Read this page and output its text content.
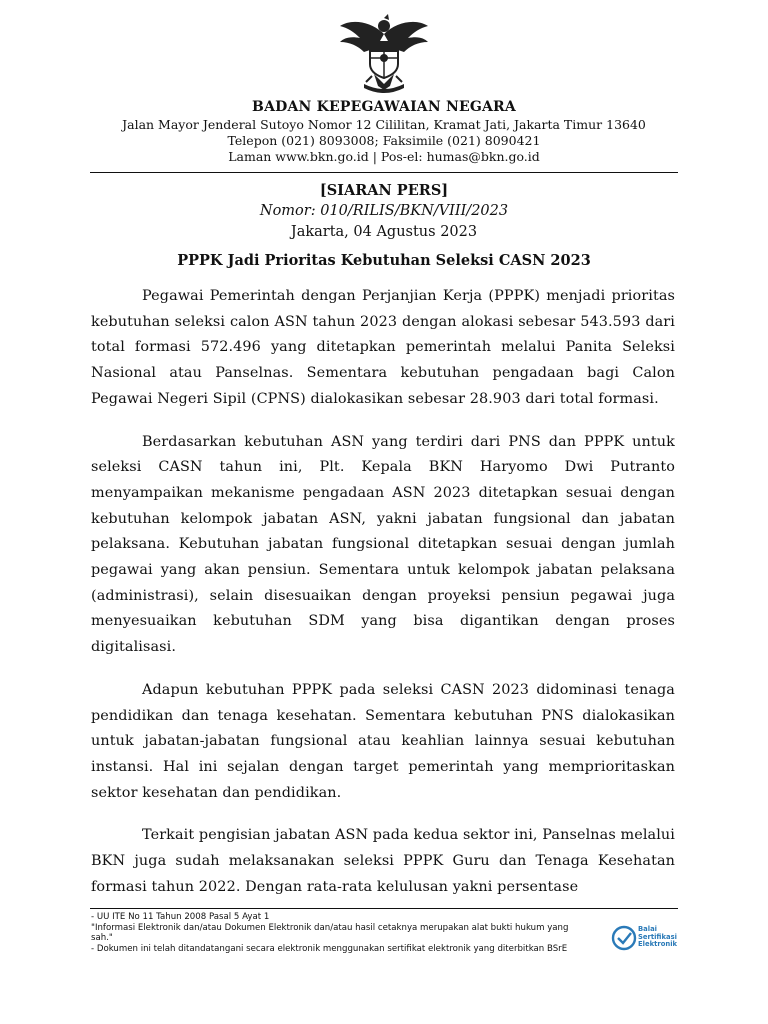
BADAN KEPEGAWAIAN NEGARA
Jalan Mayor Jenderal Sutoyo Nomor 12 Cililitan, Kramat Jati, Jakarta Timur 13640
Telepon (021) 8093008; Faksimile (021) 8090421
Laman www.bkn.go.id | Pos-el: humas@bkn.go.id
[SIARAN PERS]
Nomor: 010/RILIS/BKN/VIII/2023
Jakarta, 04 Agustus 2023
PPPK Jadi Prioritas Kebutuhan Seleksi CASN 2023

Pegawai Pemerintah dengan Perjanjian Kerja (PPPK) menjadi prioritas kebutuhan seleksi calon ASN tahun 2023 dengan alokasi sebesar 543.593 dari total formasi 572.496 yang ditetapkan pemerintah melalui Panita Seleksi Nasional atau Panselnas. Sementara kebutuhan pengadaan bagi Calon Pegawai Negeri Sipil (CPNS) dialokasikan sebesar 28.903 dari total formasi.

Berdasarkan kebutuhan ASN yang terdiri dari PNS dan PPPK untuk seleksi CASN tahun ini, Plt. Kepala BKN Haryomo Dwi Putranto menyampaikan mekanisme pengadaan ASN 2023 ditetapkan sesuai dengan kebutuhan kelompok jabatan ASN, yakni jabatan fungsional dan jabatan pelaksana. Kebutuhan jabatan fungsional ditetapkan sesuai dengan jumlah pegawai yang akan pensiun. Sementara untuk kelompok jabatan pelaksana (administrasi), selain disesuaikan dengan proyeksi pensiun pegawai juga menyesuaikan kebutuhan SDM yang bisa digantikan dengan proses digitalisasi.

Adapun kebutuhan PPPK pada seleksi CASN 2023 didominasi tenaga pendidikan dan tenaga kesehatan. Sementara kebutuhan PNS dialokasikan untuk jabatan-jabatan fungsional atau keahlian lainnya sesuai kebutuhan instansi. Hal ini sejalan dengan target pemerintah yang memprioritaskan sektor kesehatan dan pendidikan.

Terkait pengisian jabatan ASN pada kedua sektor ini, Panselnas melalui BKN juga sudah melaksanakan seleksi PPPK Guru dan Tenaga Kesehatan formasi tahun 2022. Dengan rata-rata kelulusan yakni persentase

- UU ITE No 11 Tahun 2008 Pasal 5 Ayat 1
"Informasi Elektronik dan/atau Dokumen Elektronik dan/atau hasil cetaknya merupakan alat bukti hukum yang sah."
- Dokumen ini telah ditandatangani secara elektronik menggunakan sertifikat elektronik yang diterbitkan BSrE
Balai
Sertifikasi
Elektronik
